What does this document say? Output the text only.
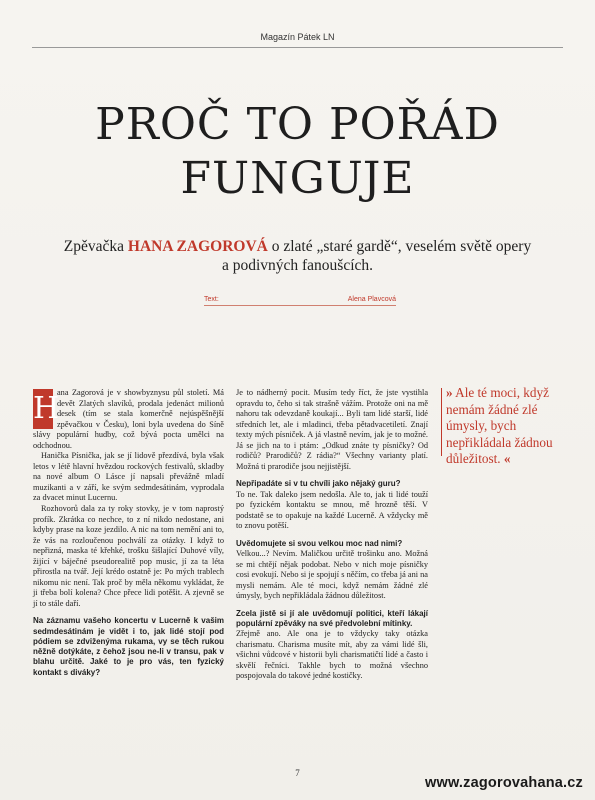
Magazín Pátek LN
PROČ TO POŘÁD
FUNGUJE
Zpěvačka HANA ZAGOROVÁ o zlaté „staré gardě“, veselém světě opery a podivných fanoušcích.
Text:	Alena Plavcová

H
ana Zagorová je v showbyznysu půl století. Má devět Zlatých slavíků, prodala jedenáct milionů desek (tím se stala komerčně nejúspěšnější zpěvačkou v Česku), loni byla uvedena do Síně slávy populární hudby, což bývá pocta umělci na odchodnou.

Hanička Písnička, jak se jí lidově přezdívá, byla však letos v létě hlavní hvězdou rockových festivalů, skladby na nové album O Lásce jí napsali převážně mladí muzikanti a v září, ke svým sedmdesátinám, vyprodala za dvacet minut Lucernu.

Rozhovorů dala za ty roky stovky, je v tom naprostý profík. Zkrátka co nechce, to z ní nikdo nedostane, ani kdyby prase na koze jezdilo. A nic na tom nemění ani to, že vás na rozloučenou pochválí za otázky. I když to nepřizná, maska té křehké, trošku šišlající Duhové víly, žijící v báječné pseudorealitě pop music, jí za ta léta přirostla na tvář. Její krédo ostatně je: Po mých trablech nikomu nic není. Tak proč by měla někomu vykládat, že ji třeba bolí kolena? Chce přece lidi potěšit. A zjevně se jí to stále daří.

Na záznamu vašeho koncertu v Lucerně k vašim sedmdesátinám je vidět i to, jak lidé stojí pod pódiem se zdviženýma rukama, vy se těch rukou něžně dotýkáte, z čehož jsou ne-li v transu, pak v blahu určitě. Jaké to je pro vás, ten fyzický kontakt s diváky?

Je to nádherný pocit. Musím tedy říct, že jste vystihla opravdu to, čeho si tak strašně vážím. Protože oni na mě nahoru tak odevzdaně koukají... Byli tam lidé starší, lidé středních let, ale i mladinci, třeba pětadvacetiletí. Znají texty mých písniček. A já vlastně nevím, jak je to možné. Já se jich na to i ptám: „Odkud znáte ty písničky? Od rodičů? Prarodičů? Z rádia?“ Všechny varianty platí. Možná ti prarodiče jsou nejjistější.

Nepřipadáte si v tu chvíli jako nějaký guru?

To ne. Tak daleko jsem nedošla. Ale to, jak ti lidé touží po fyzickém kontaktu se mnou, mě hrozně těší. V podstatě se to opakuje na každé Lucerně. A vždycky mě to znovu potěší.

Uvědomujete si svou velkou moc nad nimi?

Velkou...? Nevím. Maličkou určitě trošinku ano. Možná se mi chtějí nějak podobat. Nebo v nich moje písničky cosi evokují. Nebo si je spojují s něčím, co třeba já ani na mysli nemám. Ale té moci, když nemám žádné zlé úmysly, bych nepřikládala žádnou důležitost.

Zcela jistě si jí ale uvědomují politici, kteří lákají populární zpěváky na své předvolební mítinky.

Zřejmě ano. Ale ona je to vždycky taky otázka charismatu. Charisma musíte mít, aby za vámi lidé šli, všichni vůdcové v historii byli charismatičtí lidé a často i skvělí řečníci. Takhle bych to možná všechno pospojovala do takové jedné kostičky.

» Ale té moci, když nemám žádné zlé úmysly, bych nepřikládala žádnou důležitost. «
7
www.zagorovahana.cz
